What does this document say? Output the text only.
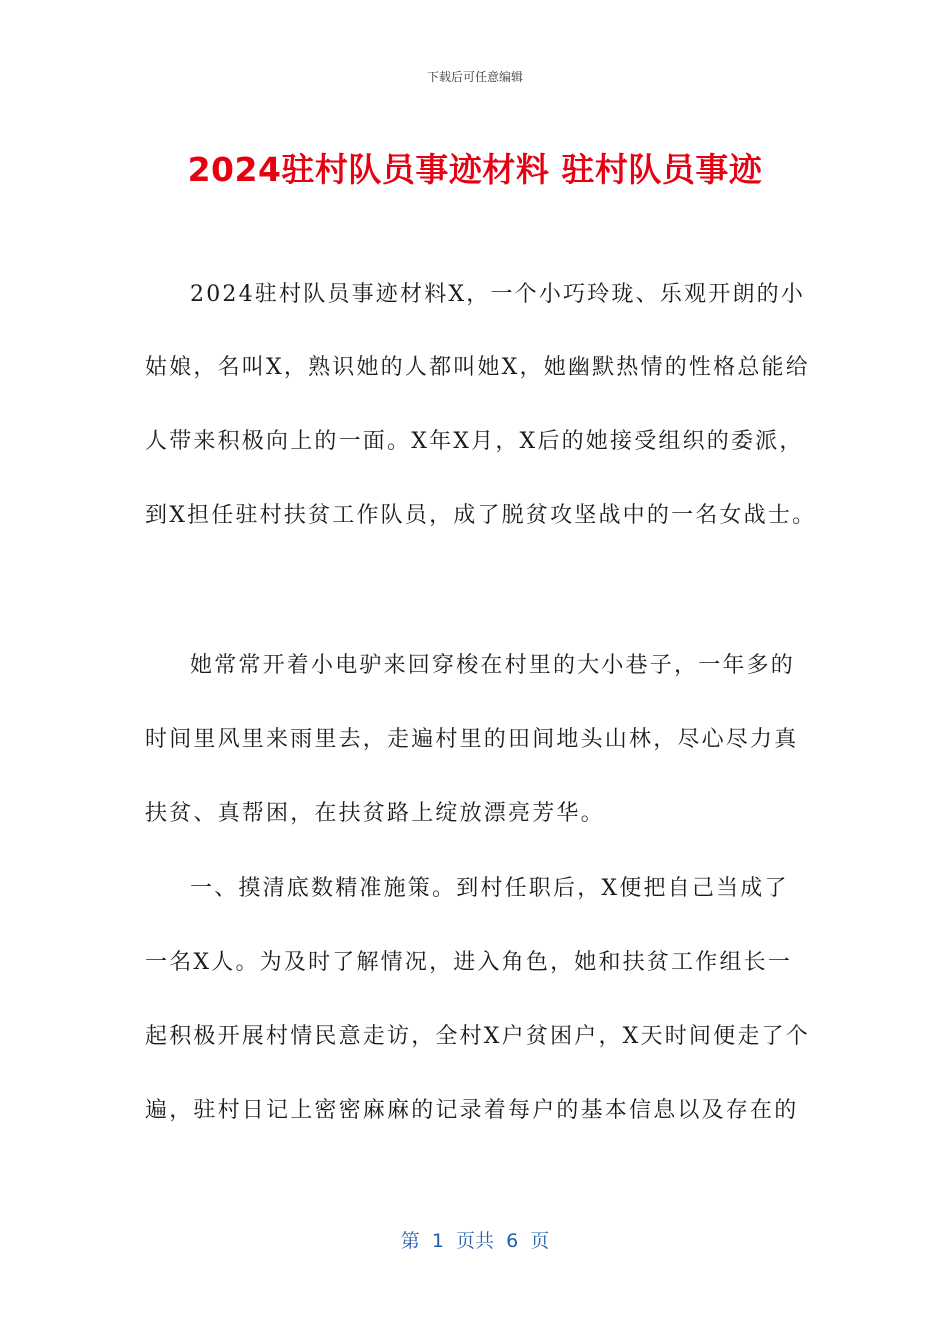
下载后可任意编辑
2024驻村队员事迹材料 驻村队员事迹
2024驻村队员事迹材料X，一个小巧玲珑、乐观开朗的小
姑娘，名叫X，熟识她的人都叫她X，她幽默热情的性格总能给
人带来积极向上的一面。X年X月，X后的她接受组织的委派，
到X担任驻村扶贫工作队员，成了脱贫攻坚战中的一名女战士。
她常常开着小电驴来回穿梭在村里的大小巷子，一年多的
时间里风里来雨里去，走遍村里的田间地头山林，尽心尽力真
扶贫、真帮困，在扶贫路上绽放漂亮芳华。
一、摸清底数精准施策。到村任职后，X便把自己当成了
一名X人。为及时了解情况，进入角色，她和扶贫工作组长一
起积极开展村情民意走访，全村X户贫困户，X天时间便走了个
遍，驻村日记上密密麻麻的记录着每户的基本信息以及存在的
第  1  页共  6  页
